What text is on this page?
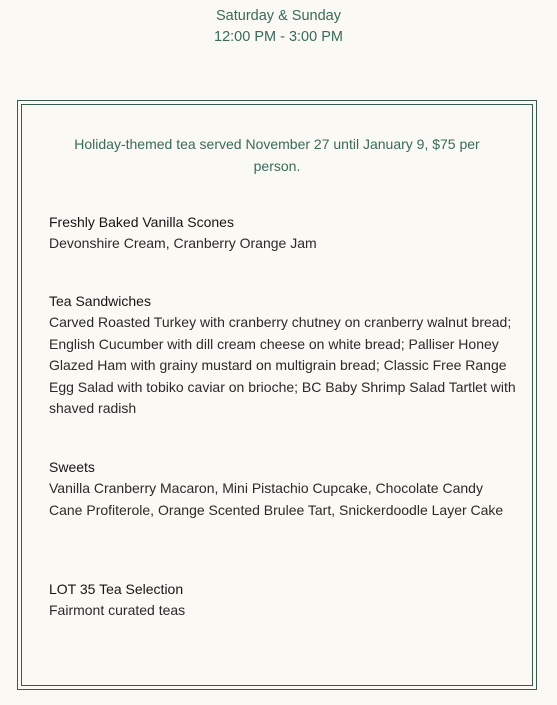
Saturday & Sunday
12:00 PM - 3:00 PM
Holiday-themed tea served November 27 until January 9, $75 per person.
Freshly Baked Vanilla Scones
Devonshire Cream, Cranberry Orange Jam
Tea Sandwiches
Carved Roasted Turkey with cranberry chutney on cranberry walnut bread; English Cucumber with dill cream cheese on white bread; Palliser Honey Glazed Ham with grainy mustard on multigrain bread; Classic Free Range Egg Salad with tobiko caviar on brioche; BC Baby Shrimp Salad Tartlet with shaved radish
Sweets
Vanilla Cranberry Macaron, Mini Pistachio Cupcake, Chocolate Candy Cane Profiterole, Orange Scented Brulee Tart, Snickerdoodle Layer Cake
LOT 35 Tea Selection
Fairmont curated teas
